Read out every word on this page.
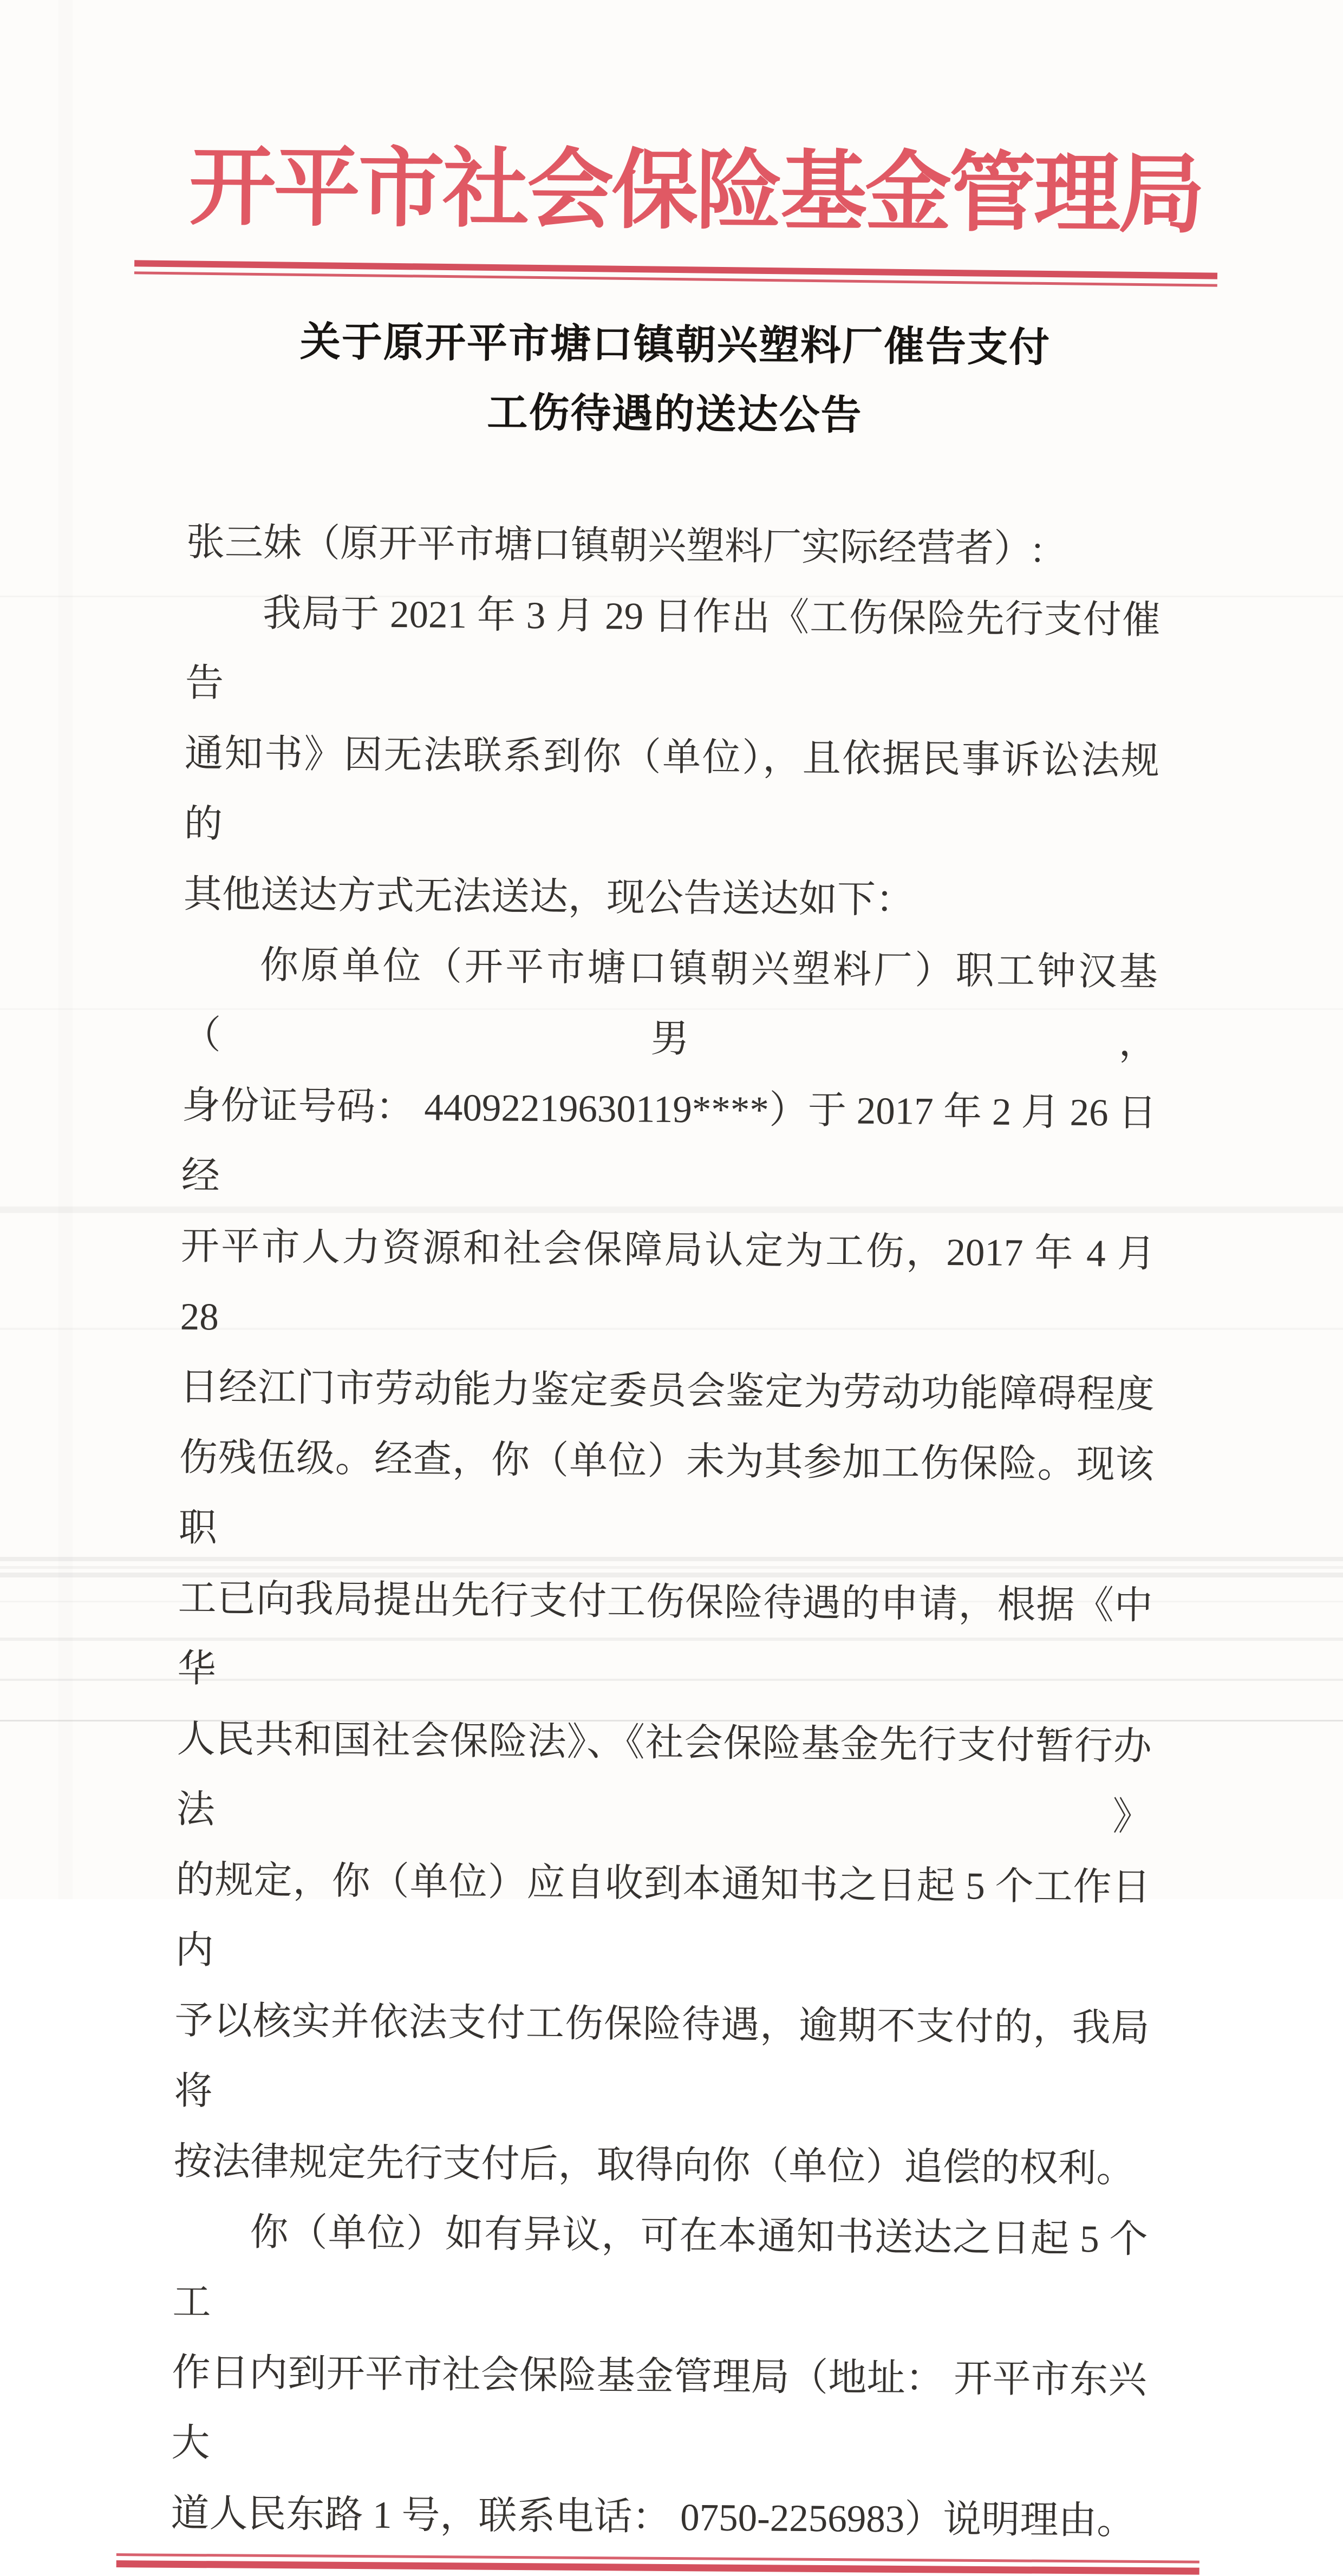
开平市社会保险基金管理局
关于原开平市塘口镇朝兴塑料厂催告支付
工伤待遇的送达公告
张三妹（原开平市塘口镇朝兴塑料厂实际经营者）:
我局于 2021 年 3 月 29 日作出《工伤保险先行支付催告
通知书》因无法联系到你（单位），且依据民事诉讼法规的
其他送达方式无法送达，现公告送达如下：
你原单位（开平市塘口镇朝兴塑料厂）职工钟汉基（男，
身份证号码： 44092219630119****）于 2017 年 2 月 26 日经
开平市人力资源和社会保障局认定为工伤，2017 年 4 月 28
日经江门市劳动能力鉴定委员会鉴定为劳动功能障碍程度
伤残伍级。经查，你（单位）未为其参加工伤保险。现该职
工已向我局提出先行支付工伤保险待遇的申请，根据《中华
人民共和国社会保险法》、《社会保险基金先行支付暂行办法》
的规定，你（单位）应自收到本通知书之日起 5 个工作日内
予以核实并依法支付工伤保险待遇，逾期不支付的，我局将
按法律规定先行支付后，取得向你（单位）追偿的权利。
你（单位）如有异议，可在本通知书送达之日起 5 个工
作日内到开平市社会保险基金管理局（地址： 开平市东兴大
道人民东路 1 号，联系电话： 0750-2256983）说明理由。
